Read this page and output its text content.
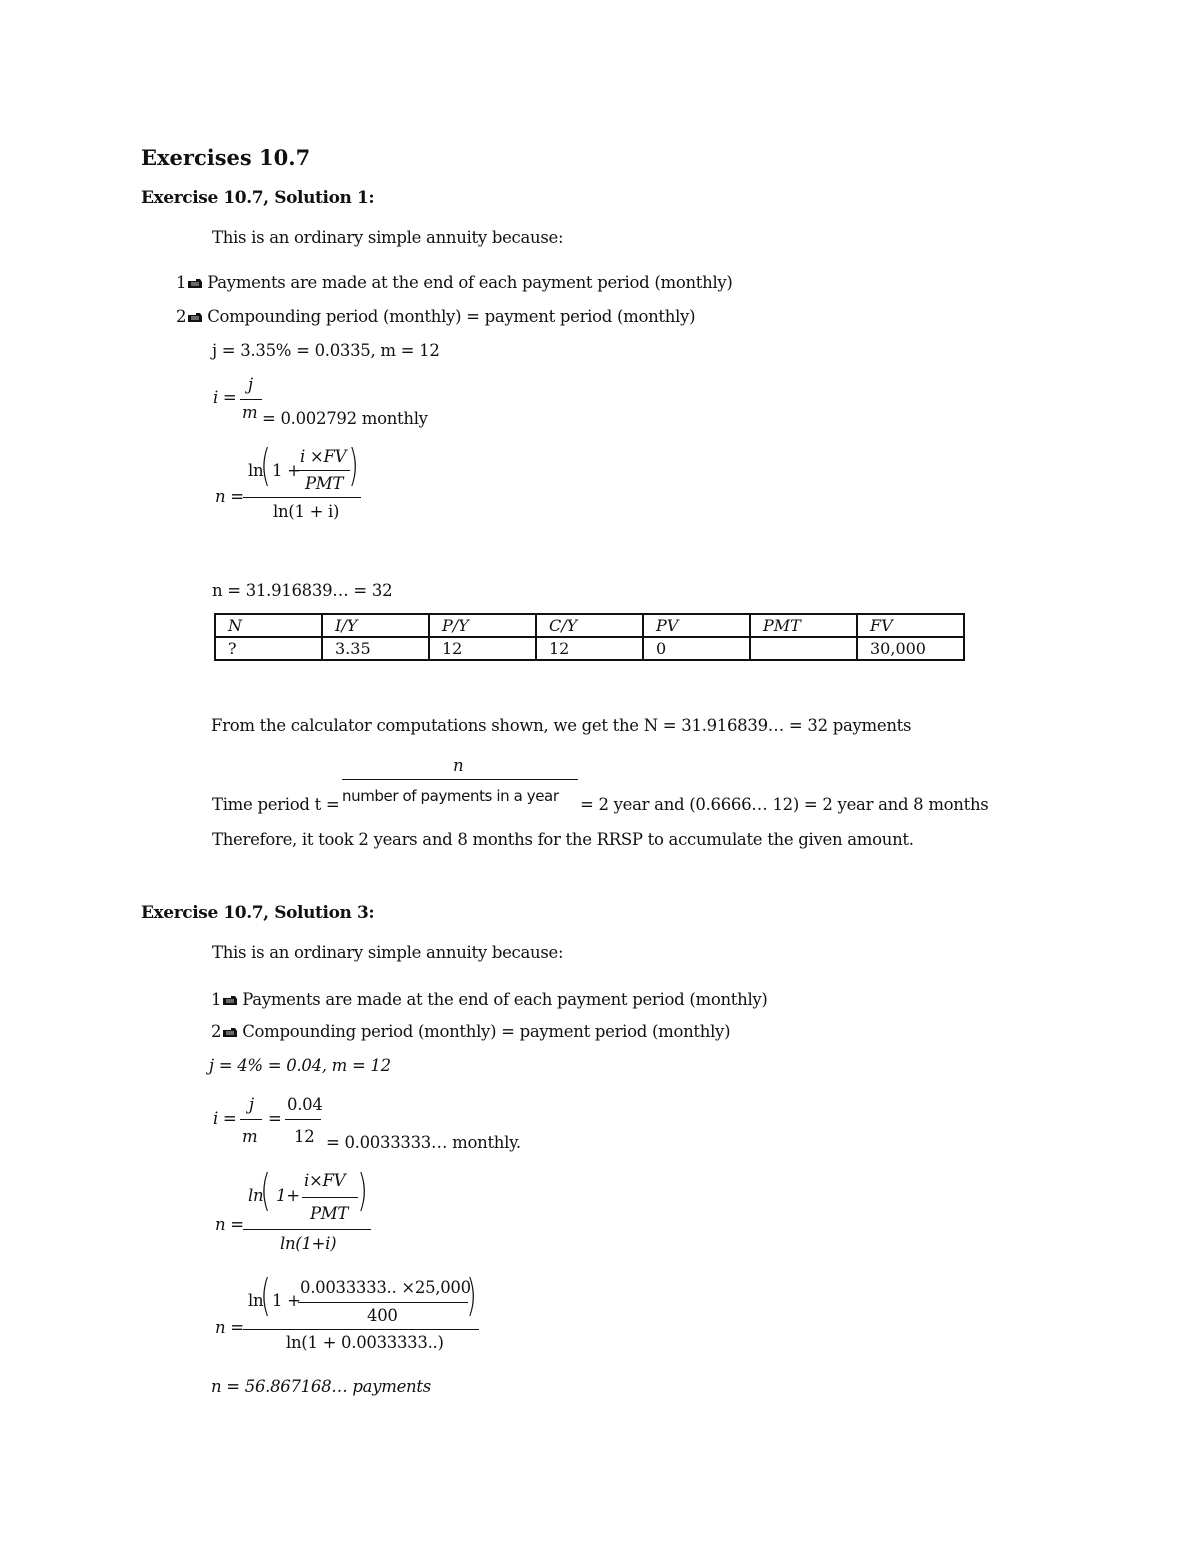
Exercises 10.7
Exercise 10.7, Solution 1:
This is an ordinary simple annuity because:
1 Payments are made at the end of each payment period (monthly)
2 Compounding period (monthly) = payment period (monthly)
j = 3.35% = 0.0335, m = 12
i =
j
m = 0.002792 monthly
n =
ln
( 1 +
i ×FV
PMT )
ln(1 + i)
n = 31.916839… = 32
N	I/Y	P/Y	C/Y	PV	PMT	FV
?	3.35	12	12	0		30,000
From the calculator computations shown, we get the N = 31.916839… = 32 payments
n
Time period t = number of payments in a year = 2 year and (0.6666… 12) = 2 year and 8 months
Therefore, it took 2 years and 8 months for the RRSP to accumulate the given amount.
Exercise 10.7, Solution 3:
This is an ordinary simple annuity because:
1 Payments are made at the end of each payment period (monthly)
2 Compounding period (monthly) = payment period (monthly)
j = 4% = 0.04, m = 12
i =
j
m
=
0.04
12 = 0.0033333… monthly.
n =
ln
( 1+
i×FV
PMT )
ln(1+i)
n =
ln
( 1 +
0.0033333.. ×25,000
400 )
ln(1 + 0.0033333..)
n = 56.867168… payments
